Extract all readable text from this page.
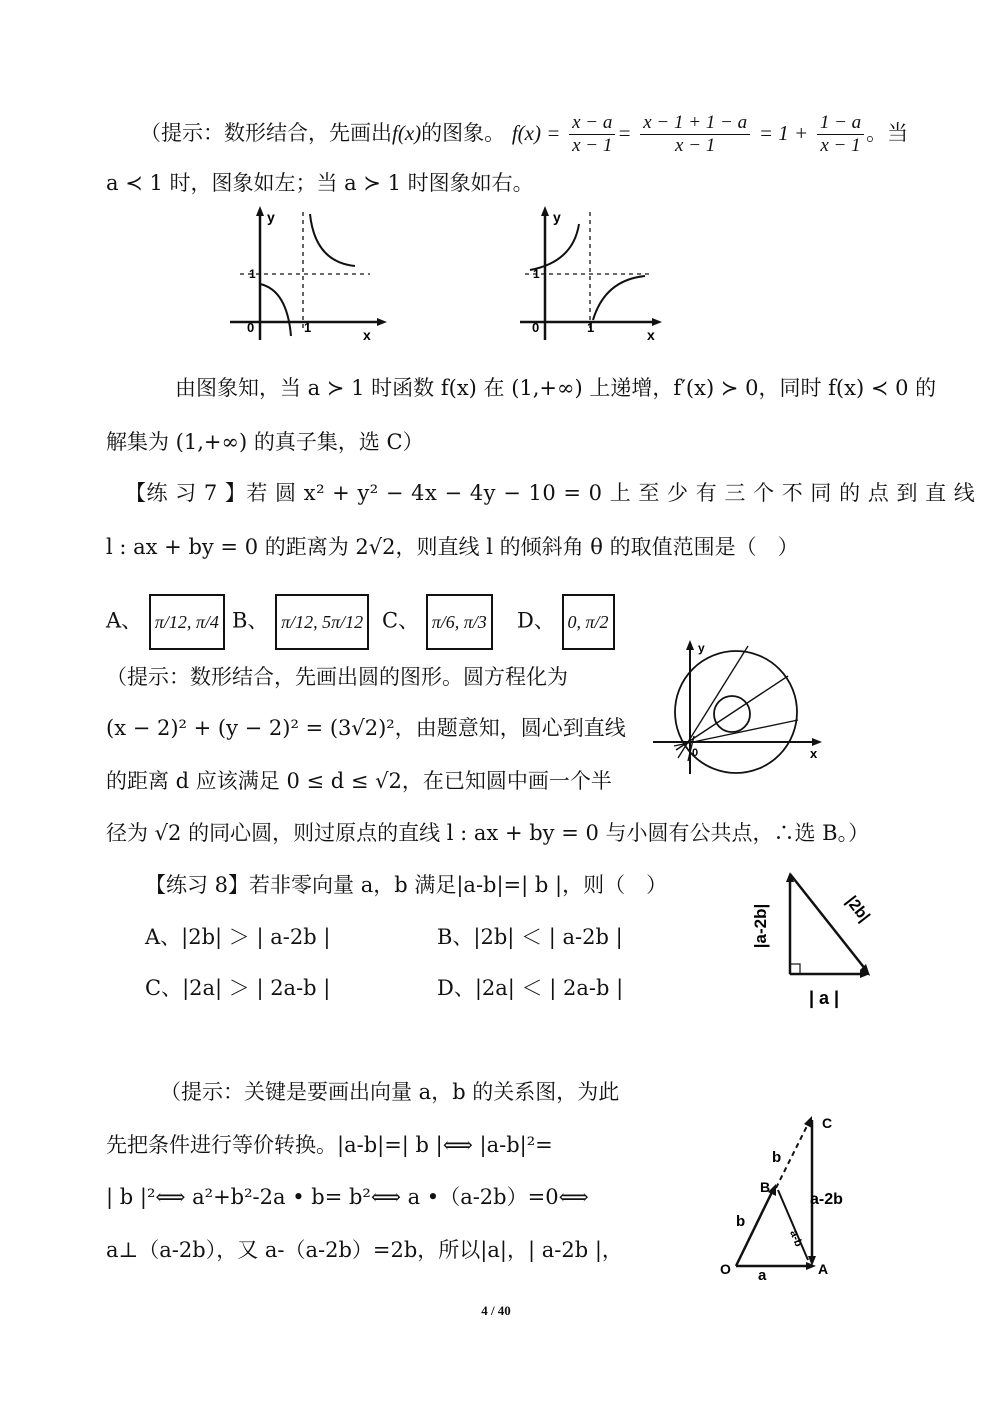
（提示：数形结合，先画出f(x)的图象。 $f(x) = \frac{x - a}{x - 1} = \frac{x - 1 + 1 - a}{x - 1} = 1 + \frac{1 - a}{x - 1}$ 。当
a ≺ 1 时，图象如左；当 a ≻ 1 时图象如右。
y
x
1
0	1
y
x
1
0	1
由图象知，当 a ≻ 1 时函数 f(x) 在 (1,+∞) 上递增，f′(x) ≻ 0，同时 f(x) ≺ 0 的
解集为 (1,+∞) 的真子集，选 C）
【练 习 7 】若 圆 x² + y² − 4x − 4y − 10 = 0 上 至 少 有 三 个 不 同 的 点 到 直 线
l : ax + by = 0 的距离为 2√2，则直线 l 的倾斜角 θ 的取值范围是（　）
A、 π/12, π/4 B、 π/12, 5π/12 C、 π/6, π/3 D、 0, π/2
（提示：数形结合，先画出圆的图形。圆方程化为
(x − 2)² + (y − 2)² = (3√2)²，由题意知，圆心到直线
的距离 d 应该满足 0 ≤ d ≤ √2，在已知圆中画一个半
径为 √2 的同心圆，则过原点的直线 l : ax + by = 0 与小圆有公共点，∴选 B。）
y
x
0
【练习 8】若非零向量 a，b 满足|a-b|=| b |，则（　）
A、|2b| ＞ | a-2b |	B、|2b| ＜ | a-2b |
C、|2a| ＞ | 2a-b |	D、|2a| ＜ | 2a-b |
|a-2b|	|2b|
| a |
（提示：关键是要画出向量 a，b 的关系图，为此
先把条件进行等价转换。|a-b|=| b |⟺ |a-b|²=
| b |²⟺ a²+b²-2a • b= b²⟺ a •（a-2b）=0⟺
a⊥（a-2b），又 a-（a-2b）=2b，所以|a|，| a-2b |，
C
b
B
b
a-2b
a-b
O a	A
4 / 40
